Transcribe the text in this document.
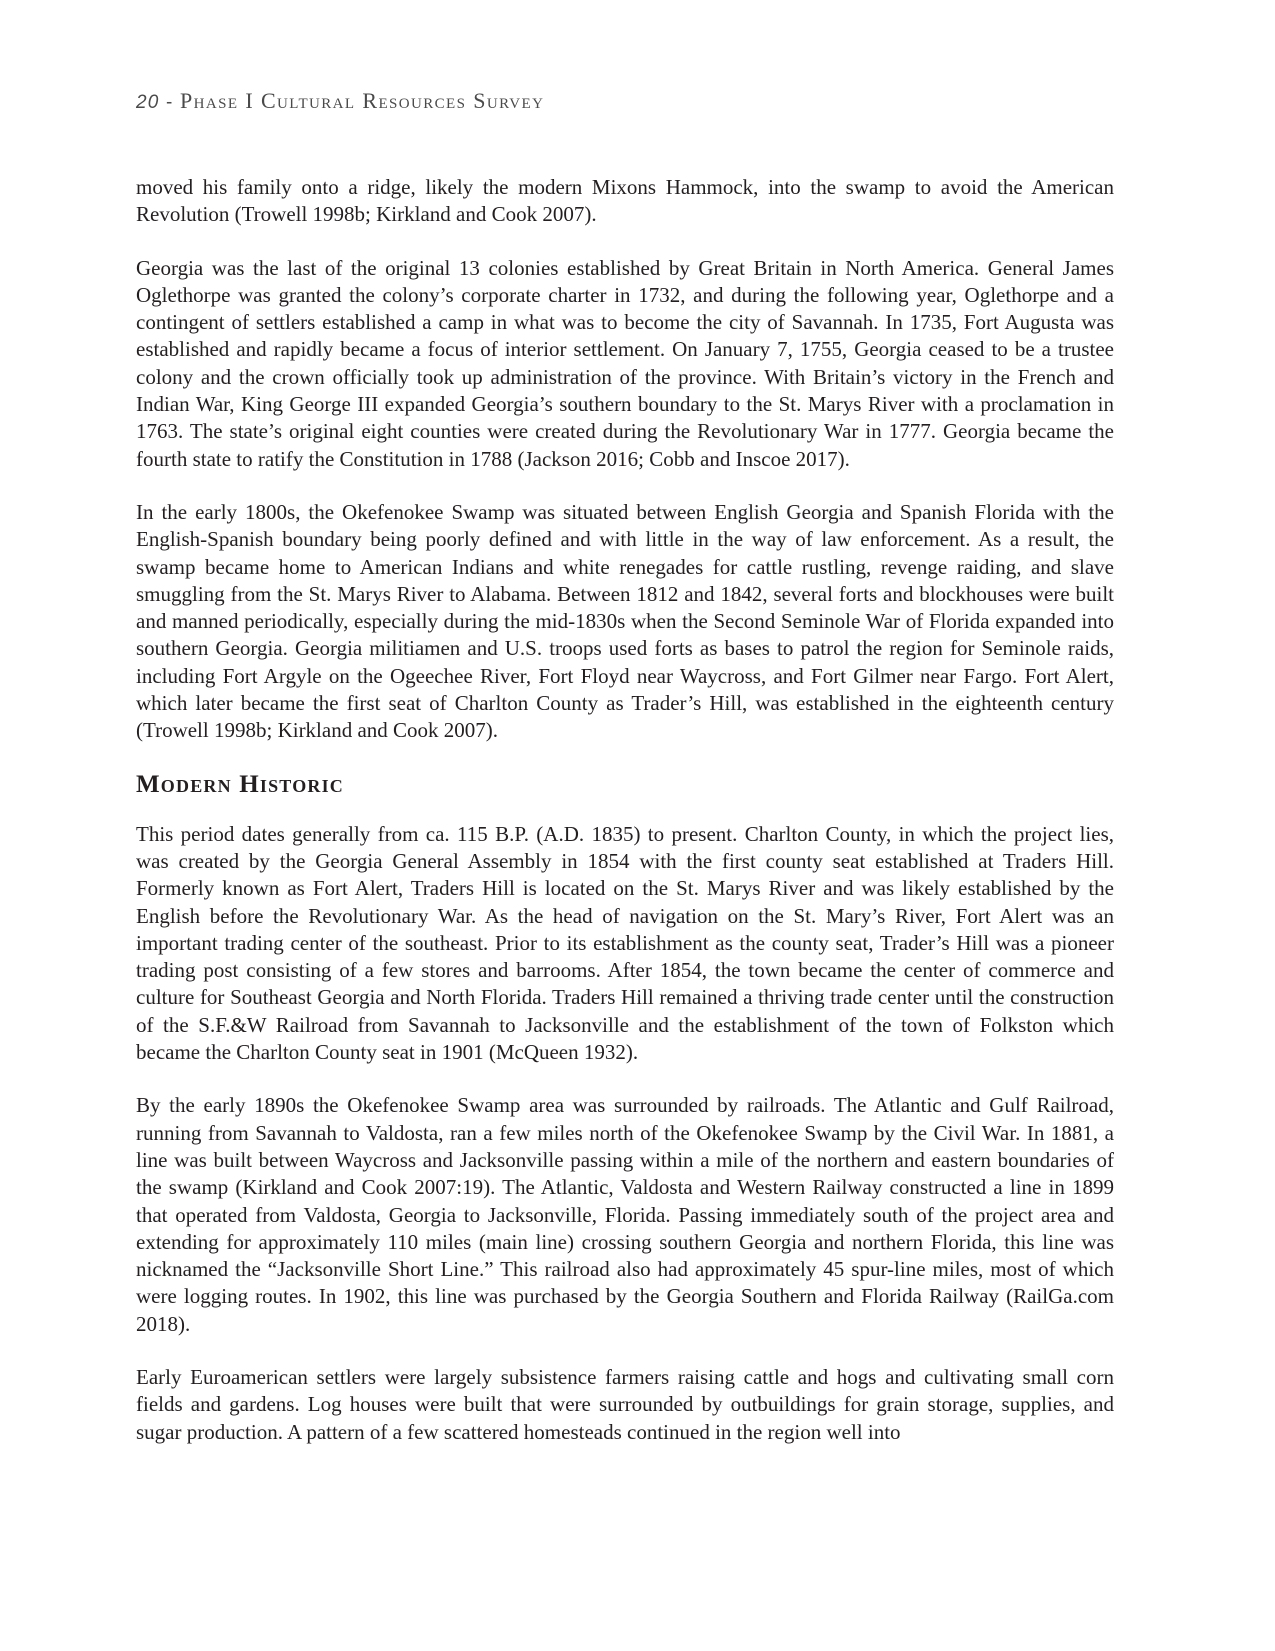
20 - Phase I Cultural Resources Survey

moved his family onto a ridge, likely the modern Mixons Hammock, into the swamp to avoid the American Revolution (Trowell 1998b; Kirkland and Cook 2007).

Georgia was the last of the original 13 colonies established by Great Britain in North America. General James Oglethorpe was granted the colony’s corporate charter in 1732, and during the following year, Oglethorpe and a contingent of settlers established a camp in what was to become the city of Savannah. In 1735, Fort Augusta was established and rapidly became a focus of interior settlement. On January 7, 1755, Georgia ceased to be a trustee colony and the crown officially took up administration of the province. With Britain’s victory in the French and Indian War, King George III expanded Georgia’s southern boundary to the St. Marys River with a proclamation in 1763. The state’s original eight counties were created during the Revolutionary War in 1777. Georgia became the fourth state to ratify the Constitution in 1788 (Jackson 2016; Cobb and Inscoe 2017).

In the early 1800s, the Okefenokee Swamp was situated between English Georgia and Spanish Florida with the English-Spanish boundary being poorly defined and with little in the way of law enforcement. As a result, the swamp became home to American Indians and white renegades for cattle rustling, revenge raiding, and slave smuggling from the St. Marys River to Alabama. Between 1812 and 1842, several forts and blockhouses were built and manned periodically, especially during the mid-1830s when the Second Seminole War of Florida expanded into southern Georgia. Georgia militiamen and U.S. troops used forts as bases to patrol the region for Seminole raids, including Fort Argyle on the Ogeechee River, Fort Floyd near Waycross, and Fort Gilmer near Fargo. Fort Alert, which later became the first seat of Charlton County as Trader’s Hill, was established in the eighteenth century (Trowell 1998b; Kirkland and Cook 2007).

Modern Historic

This period dates generally from ca. 115 B.P. (A.D. 1835) to present. Charlton County, in which the project lies, was created by the Georgia General Assembly in 1854 with the first county seat established at Traders Hill. Formerly known as Fort Alert, Traders Hill is located on the St. Marys River and was likely established by the English before the Revolutionary War. As the head of navigation on the St. Mary’s River, Fort Alert was an important trading center of the southeast. Prior to its establishment as the county seat, Trader’s Hill was a pioneer trading post consisting of a few stores and barrooms. After 1854, the town became the center of commerce and culture for Southeast Georgia and North Florida. Traders Hill remained a thriving trade center until the construction of the S.F.&W Railroad from Savannah to Jacksonville and the establishment of the town of Folkston which became the Charlton County seat in 1901 (McQueen 1932).

By the early 1890s the Okefenokee Swamp area was surrounded by railroads. The Atlantic and Gulf Railroad, running from Savannah to Valdosta, ran a few miles north of the Okefenokee Swamp by the Civil War. In 1881, a line was built between Waycross and Jacksonville passing within a mile of the northern and eastern boundaries of the swamp (Kirkland and Cook 2007:19). The Atlantic, Valdosta and Western Railway constructed a line in 1899 that operated from Valdosta, Georgia to Jacksonville, Florida. Passing immediately south of the project area and extending for approximately 110 miles (main line) crossing southern Georgia and northern Florida, this line was nicknamed the “Jacksonville Short Line.” This railroad also had approximately 45 spur-line miles, most of which were logging routes. In 1902, this line was purchased by the Georgia Southern and Florida Railway (RailGa.com 2018).

Early Euroamerican settlers were largely subsistence farmers raising cattle and hogs and cultivating small corn fields and gardens. Log houses were built that were surrounded by outbuildings for grain storage, supplies, and sugar production. A pattern of a few scattered homesteads continued in the region well into
